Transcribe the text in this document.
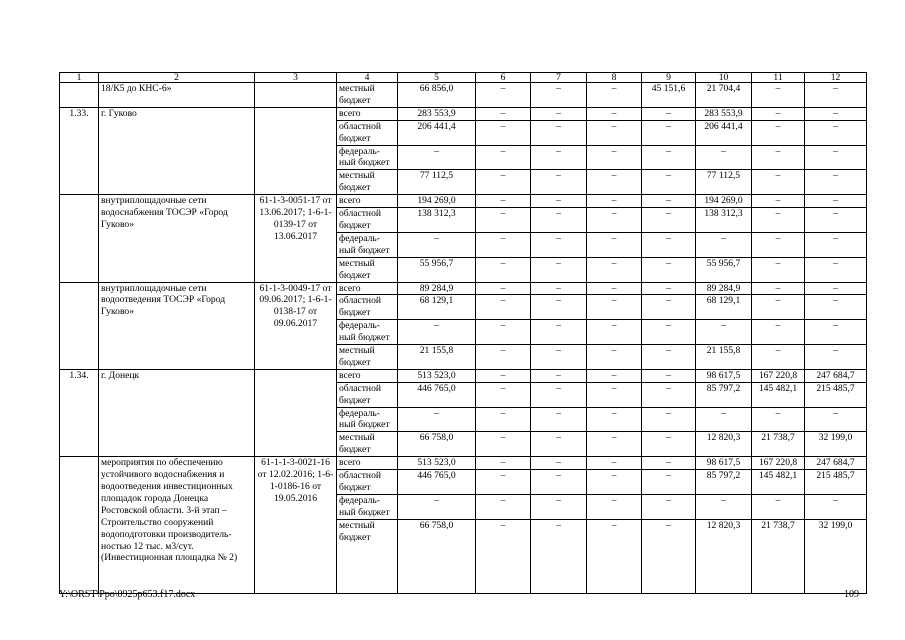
1	2	3	4	5	6	7	8	9	10	11	12
	18/К5 до КНС-6»		местный бюджет	66 856,0	–	–	–	45 151,6	21 704,4	–	–
1.33.	г. Гуково		всего	283 553,9	–	–	–	–	283 553,9	–	–
			областной бюджет	206 441,4	–	–	–	–	206 441,4	–	–
			федераль-ный бюджет	–	–	–	–	–	–	–	–
			местный бюджет	77 112,5	–	–	–	–	77 112,5	–	–
	внутриплощадочные сети водоснабжения ТОСЭР «Город Гуково»	61-1-3-0051-17 от 13.06.2017; 1-6-1-0139-17 от 13.06.2017	всего	194 269,0	–	–	–	–	194 269,0	–	–
			областной бюджет	138 312,3	–	–	–	–	138 312,3	–	–
			федераль-ный бюджет	–	–	–	–	–	–	–	–
			местный бюджет	55 956,7	–	–	–	–	55 956,7	–	–
	внутриплощадочные сети водоотведения ТОСЭР «Город Гуково»	61-1-3-0049-17 от 09.06.2017; 1-6-1-0138-17 от 09.06.2017	всего	89 284,9	–	–	–	–	89 284,9	–	–
			областной бюджет	68 129,1	–	–	–	–	68 129,1	–	–
			федераль-ный бюджет	–	–	–	–	–	–	–	–
			местный бюджет	21 155,8	–	–	–	–	21 155,8	–	–
1.34.	г. Донецк		всего	513 523,0	–	–	–	–	98 617,5	167 220,8	247 684,7
			областной бюджет	446 765,0	–	–	–	–	85 797,2	145 482,1	215 485,7
			федераль-ный бюджет	–	–	–	–	–	–	–	–
			местный бюджет	66 758,0	–	–	–	–	12 820,3	21 738,7	32 199,0
	мероприятия по обеспечению устойчивого водоснабжения и водоотведения инвестиционных площадок города Донецка Ростовской области. 3-й этап – Строительство сооружений водоподготовки производитель-ностью 12 тыс. м3/сут. (Инвестиционная площадка № 2)	61-1-1-3-0021-16 от 12.02.2016; 1-6-1-0186-16 от 19.05.2016	всего	513 523,0	–	–	–	–	98 617,5	167 220,8	247 684,7
			областной бюджет	446 765,0	–	–	–	–	85 797,2	145 482,1	215 485,7
			федераль-ный бюджет	–	–	–	–	–	–	–	–
			местный бюджет	66 758,0	–	–	–	–	12 820,3	21 738,7	32 199,0
Y:\ORST\Ppo\0925p653.f17.docx	109
